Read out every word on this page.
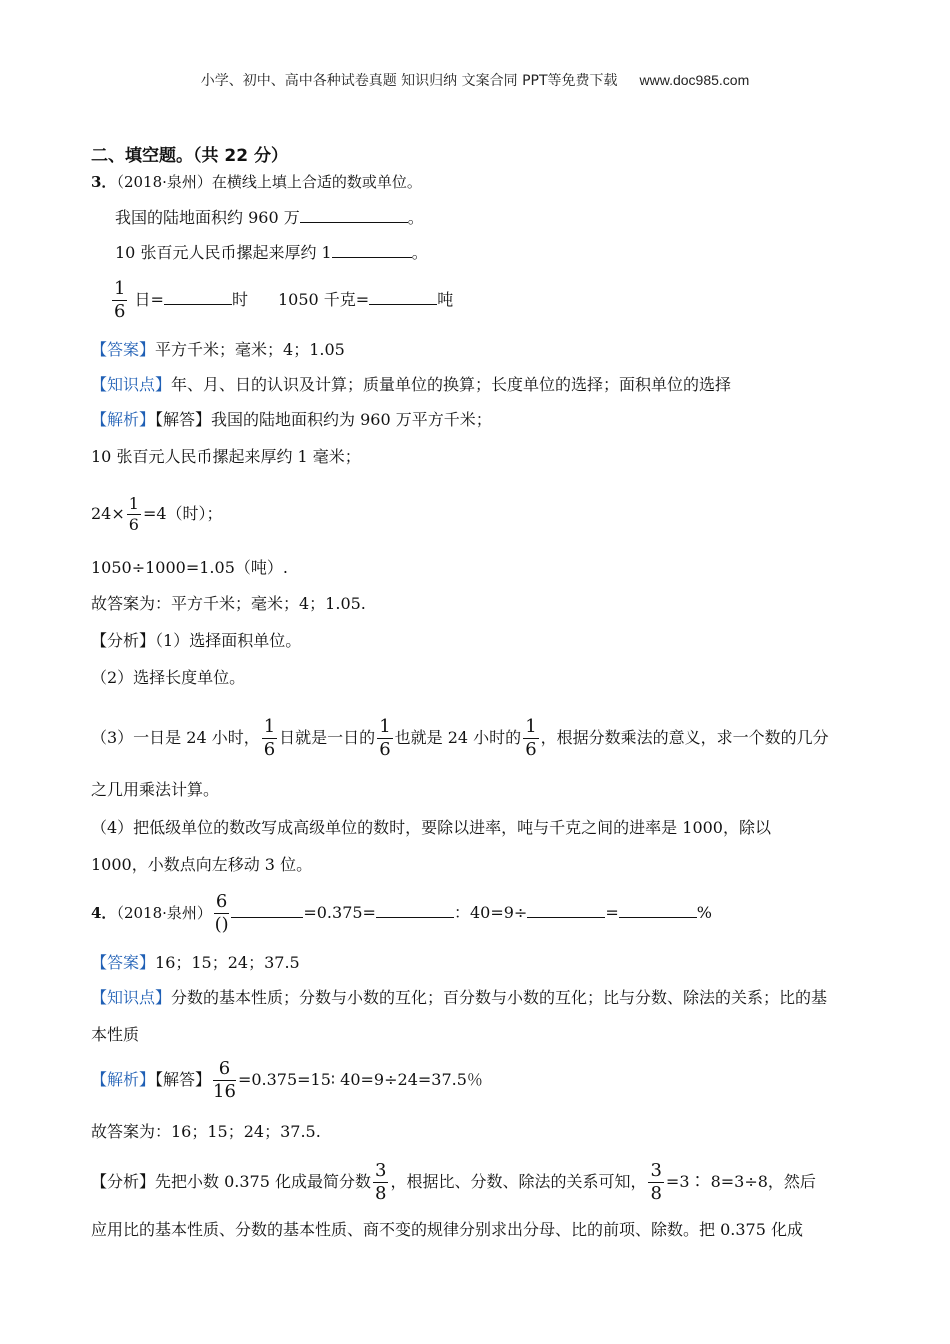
小学、初中、高中各种试卷真题 知识归纳 文案合同 PPT等免费下载 www.doc985.com
二、填空题。（共 22 分）
3．（2018·泉州）在横线上填上合适的数或单位。
我国的陆地面积约 960 万	。
10 张百元人民币摞起来厚约 1	。
$\frac{1}{6}$ 日=	时 1050 千克=	吨
【答案】平方千米；毫米；4；1.05
【知识点】年、月、日的认识及计算；质量单位的换算；长度单位的选择；面积单位的选择
【解析】【解答】我国的陆地面积约为 960 万平方千米；
10 张百元人民币摞起来厚约 1 毫米；
$24\times \frac{1}{6} =4$（时）；
1050÷1000=1.05（吨）.
故答案为：平方千米；毫米；4；1.05.
【分析】（1）选择面积单位。
（2）选择长度单位。
（3）一日是 24 小时， $\frac{1}{6}$ 日就是一日的 $\frac{1}{6}$ 也就是 24 小时的 $\frac{1}{6}$ ，根据分数乘法的意义，求一个数的几分
之几用乘法计算。
（4）把低级单位的数改写成高级单位的数时，要除以进率，吨与千克之间的进率是 1000，除以
1000，小数点向左移动 3 位。
4．（2018·泉州） $\frac{6}{()}$	=0.375=	：40=9÷	=	%
【答案】16；15；24；37.5
【知识点】分数的基本性质；分数与小数的互化；百分数与小数的互化；比与分数、除法的关系；比的基
本性质
【解析】【解答】 $\frac{6}{16}$ =0.375=15∶ 40=9÷24=37.5％
故答案为：16；15；24；37.5.
【分析】先把小数 0.375 化成最简分数 $\frac{3}{8}$ ，根据比、分数、除法的关系可知， $\frac{3}{8}$ =3∶ 8=3÷8，然后
应用比的基本性质、分数的基本性质、商不变的规律分别求出分母、比的前项、除数。把 0.375 化成
